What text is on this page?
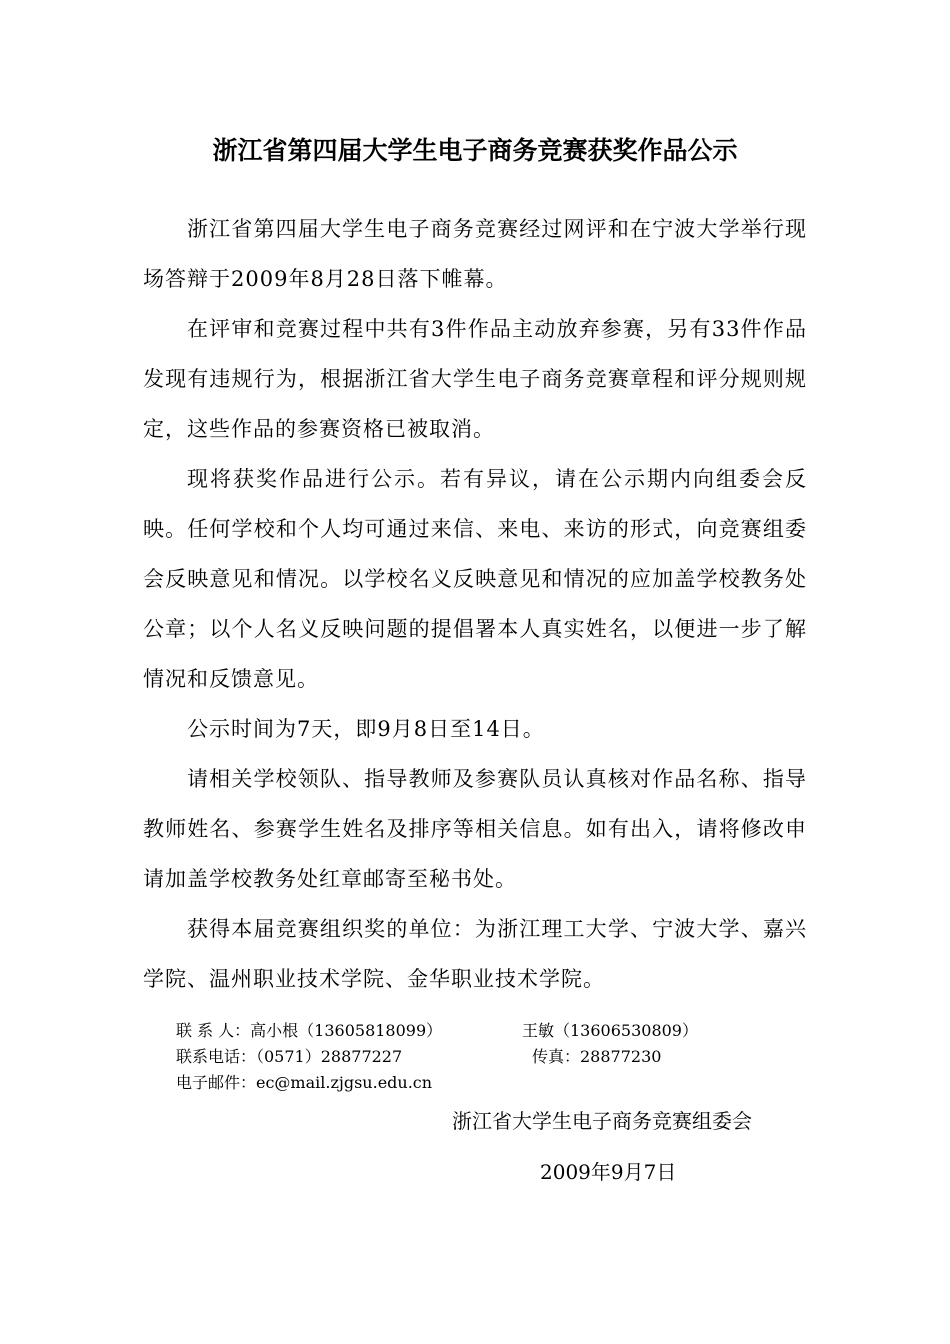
浙江省第四届大学生电子商务竞赛获奖作品公示

浙江省第四届大学生电子商务竞赛经过网评和在宁波大学举行现场答辩于2009年8月28日落下帷幕。

在评审和竞赛过程中共有3件作品主动放弃参赛，另有33件作品发现有违规行为，根据浙江省大学生电子商务竞赛章程和评分规则规定，这些作品的参赛资格已被取消。

现将获奖作品进行公示。若有异议，请在公示期内向组委会反映。任何学校和个人均可通过来信、来电、来访的形式，向竞赛组委会反映意见和情况。以学校名义反映意见和情况的应加盖学校教务处公章；以个人名义反映问题的提倡署本人真实姓名，以便进一步了解情况和反馈意见。

公示时间为7天，即9月8日至14日。

请相关学校领队、指导教师及参赛队员认真核对作品名称、指导教师姓名、参赛学生姓名及排序等相关信息。如有出入，请将修改申请加盖学校教务处红章邮寄至秘书处。

获得本届竞赛组织奖的单位：为浙江理工大学、宁波大学、嘉兴学院、温州职业技术学院、金华职业技术学院。

联 系 人：高小根（13605818099）	王敏（13606530809）
联系电话：（0571）28877227	传真：28877230
电子邮件：ec@mail.zjgsu.edu.cn
浙江省大学生电子商务竞赛组委会
2009年9月7日
